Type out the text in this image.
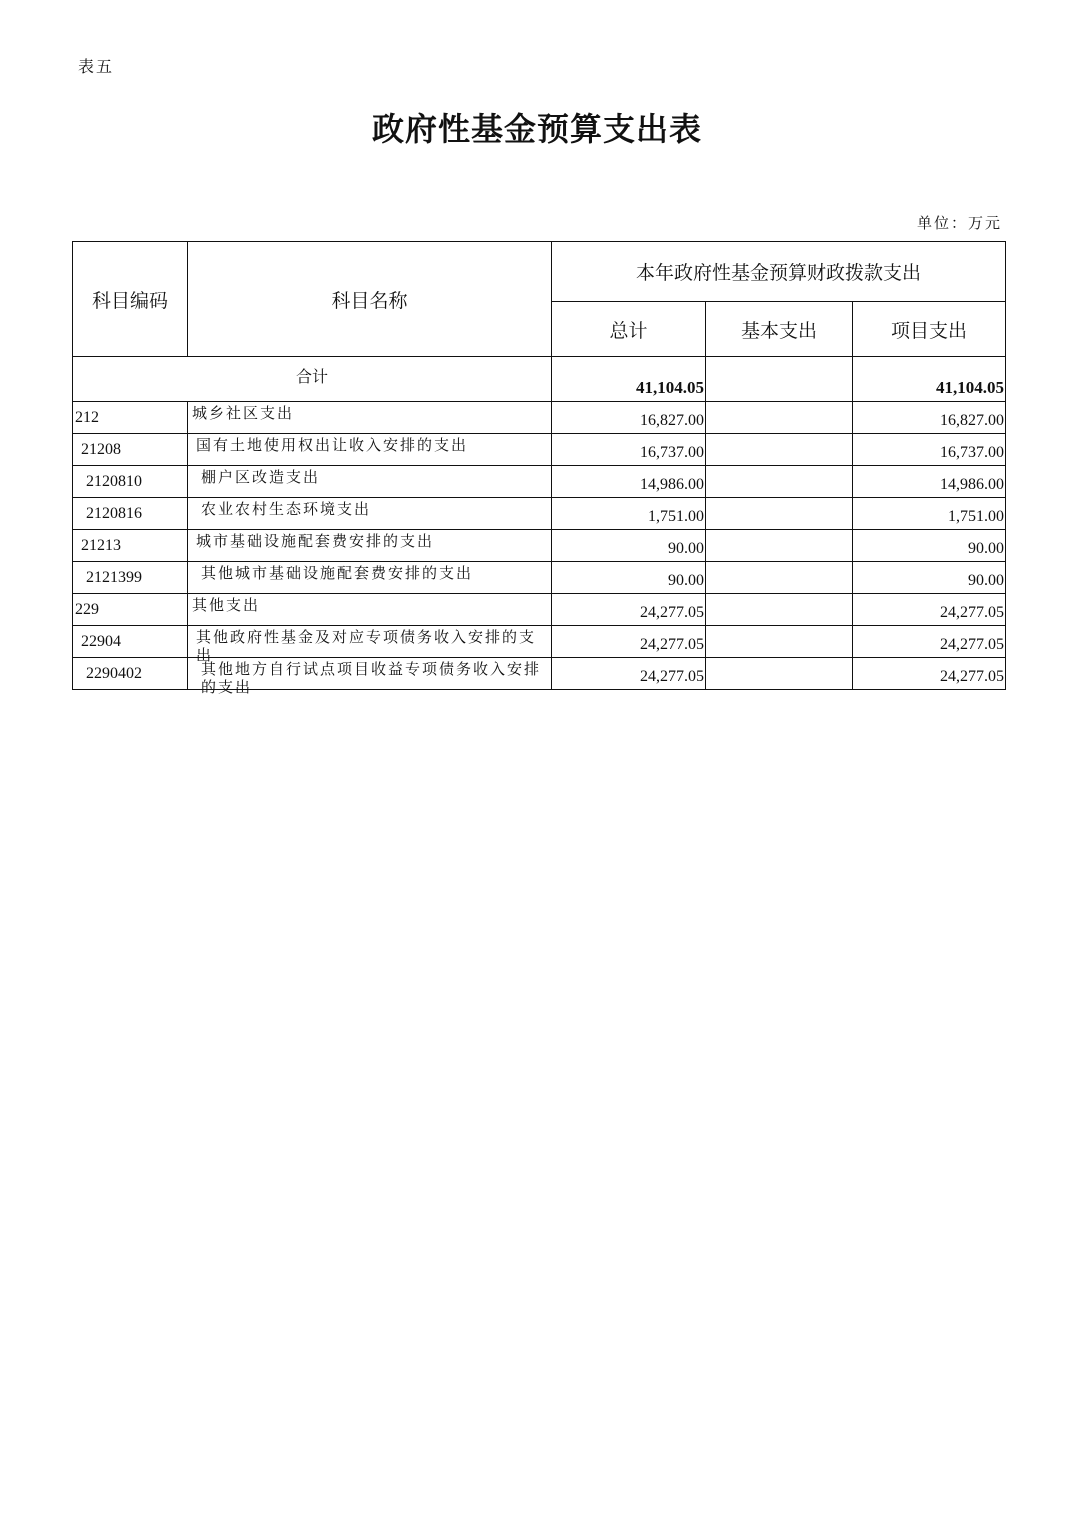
表五
政府性基金预算支出表
单位：万元
科目编码	科目名称	本年政府性基金预算财政拨款支出		
		总计	基本支出	项目支出
合计		41,104.05		41,104.05
212	城乡社区支出	16,827.00		16,827.00
21208	国有土地使用权出让收入安排的支出	16,737.00		16,737.00
2120810	棚户区改造支出	14,986.00		14,986.00
2120816	农业农村生态环境支出	1,751.00		1,751.00
21213	城市基础设施配套费安排的支出	90.00		90.00
2121399	其他城市基础设施配套费安排的支出	90.00		90.00
229	其他支出	24,277.05		24,277.05
22904	其他政府性基金及对应专项债务收入安排的支出	24,277.05		24,277.05
2290402	其他地方自行试点项目收益专项债务收入安排的支出	24,277.05		24,277.05
